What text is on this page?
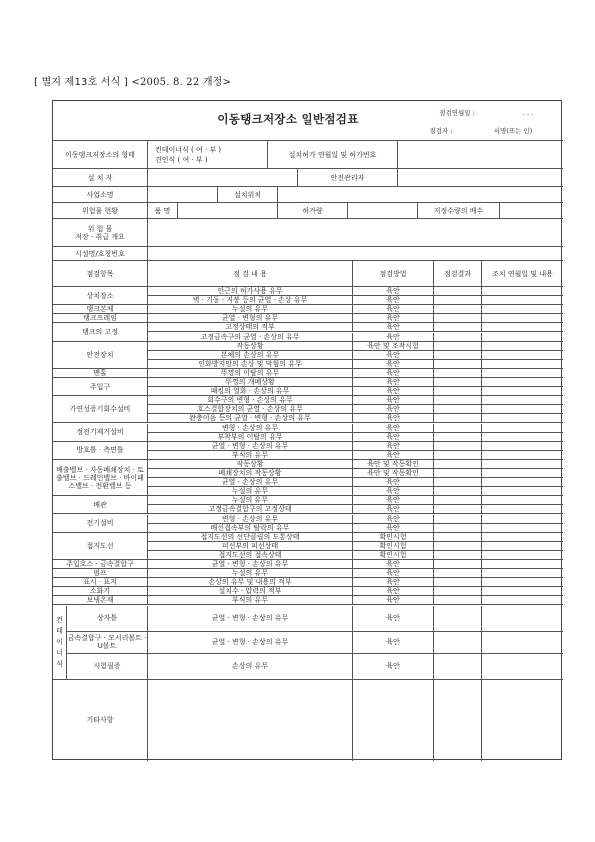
[ 별지 제13호 서식 ] <2005. 8. 22 개정>
이동탱크저장소 일반점검표	점검연월일 :	. . .
점검자 :	서명(또는 인)
이동탱크저장소의 형태
컨테이너식 ( 여 · 부 )
견인식 ( 여 · 부 )
설치허가 연월일 및 허가번호
설 치 자	안전관리자
사업소명	설치위치
위험물 현황	품 명	허가량	지정수량의 배수
위 험 물
저장 · 취급 개요
시설명/호칭번호
점검항목	점 검 내 용	점검방법	점검결과	조치 연월일 및 내용
상치장소
인근의 허가사용 유무	육안
벽 · 기둥 · 지붕 등의 균열 · 손상 유무	육안
탱크본체	누설의 유무	육안
탱크프레임	균열 · 변형의 유무	육안
탱크의 고정
고정상태의 적부	육안
고정금속구의 균열 · 손상의 유무	육안
안전장치
작동상황	육안 및 조작시험
본체의 손상의 유무	육안
인화방지망의 손상 및 막힘의 유무	육안
맨홀	뚜껑의 이탈의 유무	육안
주입구
뚜껑의 개폐상황	육안
패킹의 열화 · 손상의 유무	육안
가연성증기회수설비
회수구의 변형 · 손상의 유무	육안
호스결합장치의 균열 · 손상의 유무	육안
완충이음 등의 균열 · 변형 · 손상의 유무	육안
정전기제거설비
변형 · 손상의 유무	육안
부착부의 이탈의 유무	육안
방호틀 · 측면틀
균열 · 변형 · 손상의 유무	육안
부식의 유무	육안
배출밸브 · 자동폐쇄장치 · 토출밸브 · 드레인밸브 · 바이패스밸브 · 전환밸브 등
작동상황	육안 및 작동확인
폐쇄장치의 작동상황	육안 및 작동확인
균열 · 손상의 유무	육안
누설의 유무	육안
배관
누설의 유무	육안
고정금속결합구의 고정상태	육안
전기설비
변형 · 손상의 유무	육안
배선접속부의 탈락의 유무	육안
접지도선
접지도선의 선단클립의 도통상태	확인시험
피선부의 피선상태	확인시험
접지도선의 접속상태	확인시험
주입호스 · 금속결합구	균열 · 변형 · 손상의 유무	육안
펌프	누설의 유무	육안
표시 · 표지	손상의 유무 및 내용의 적부	육안
소화기	설치수 · 압력의 적부	육안
보냉온재	부식의 유무	육안
컨테이너식
상자틀	균열 · 변형 · 손상의 유무	육안
금속결합구 · 모서리볼트 · U볼트	균열 · 변형 · 손상의 유무	육안
시험필증	손상의 유무	육안
기타사항
